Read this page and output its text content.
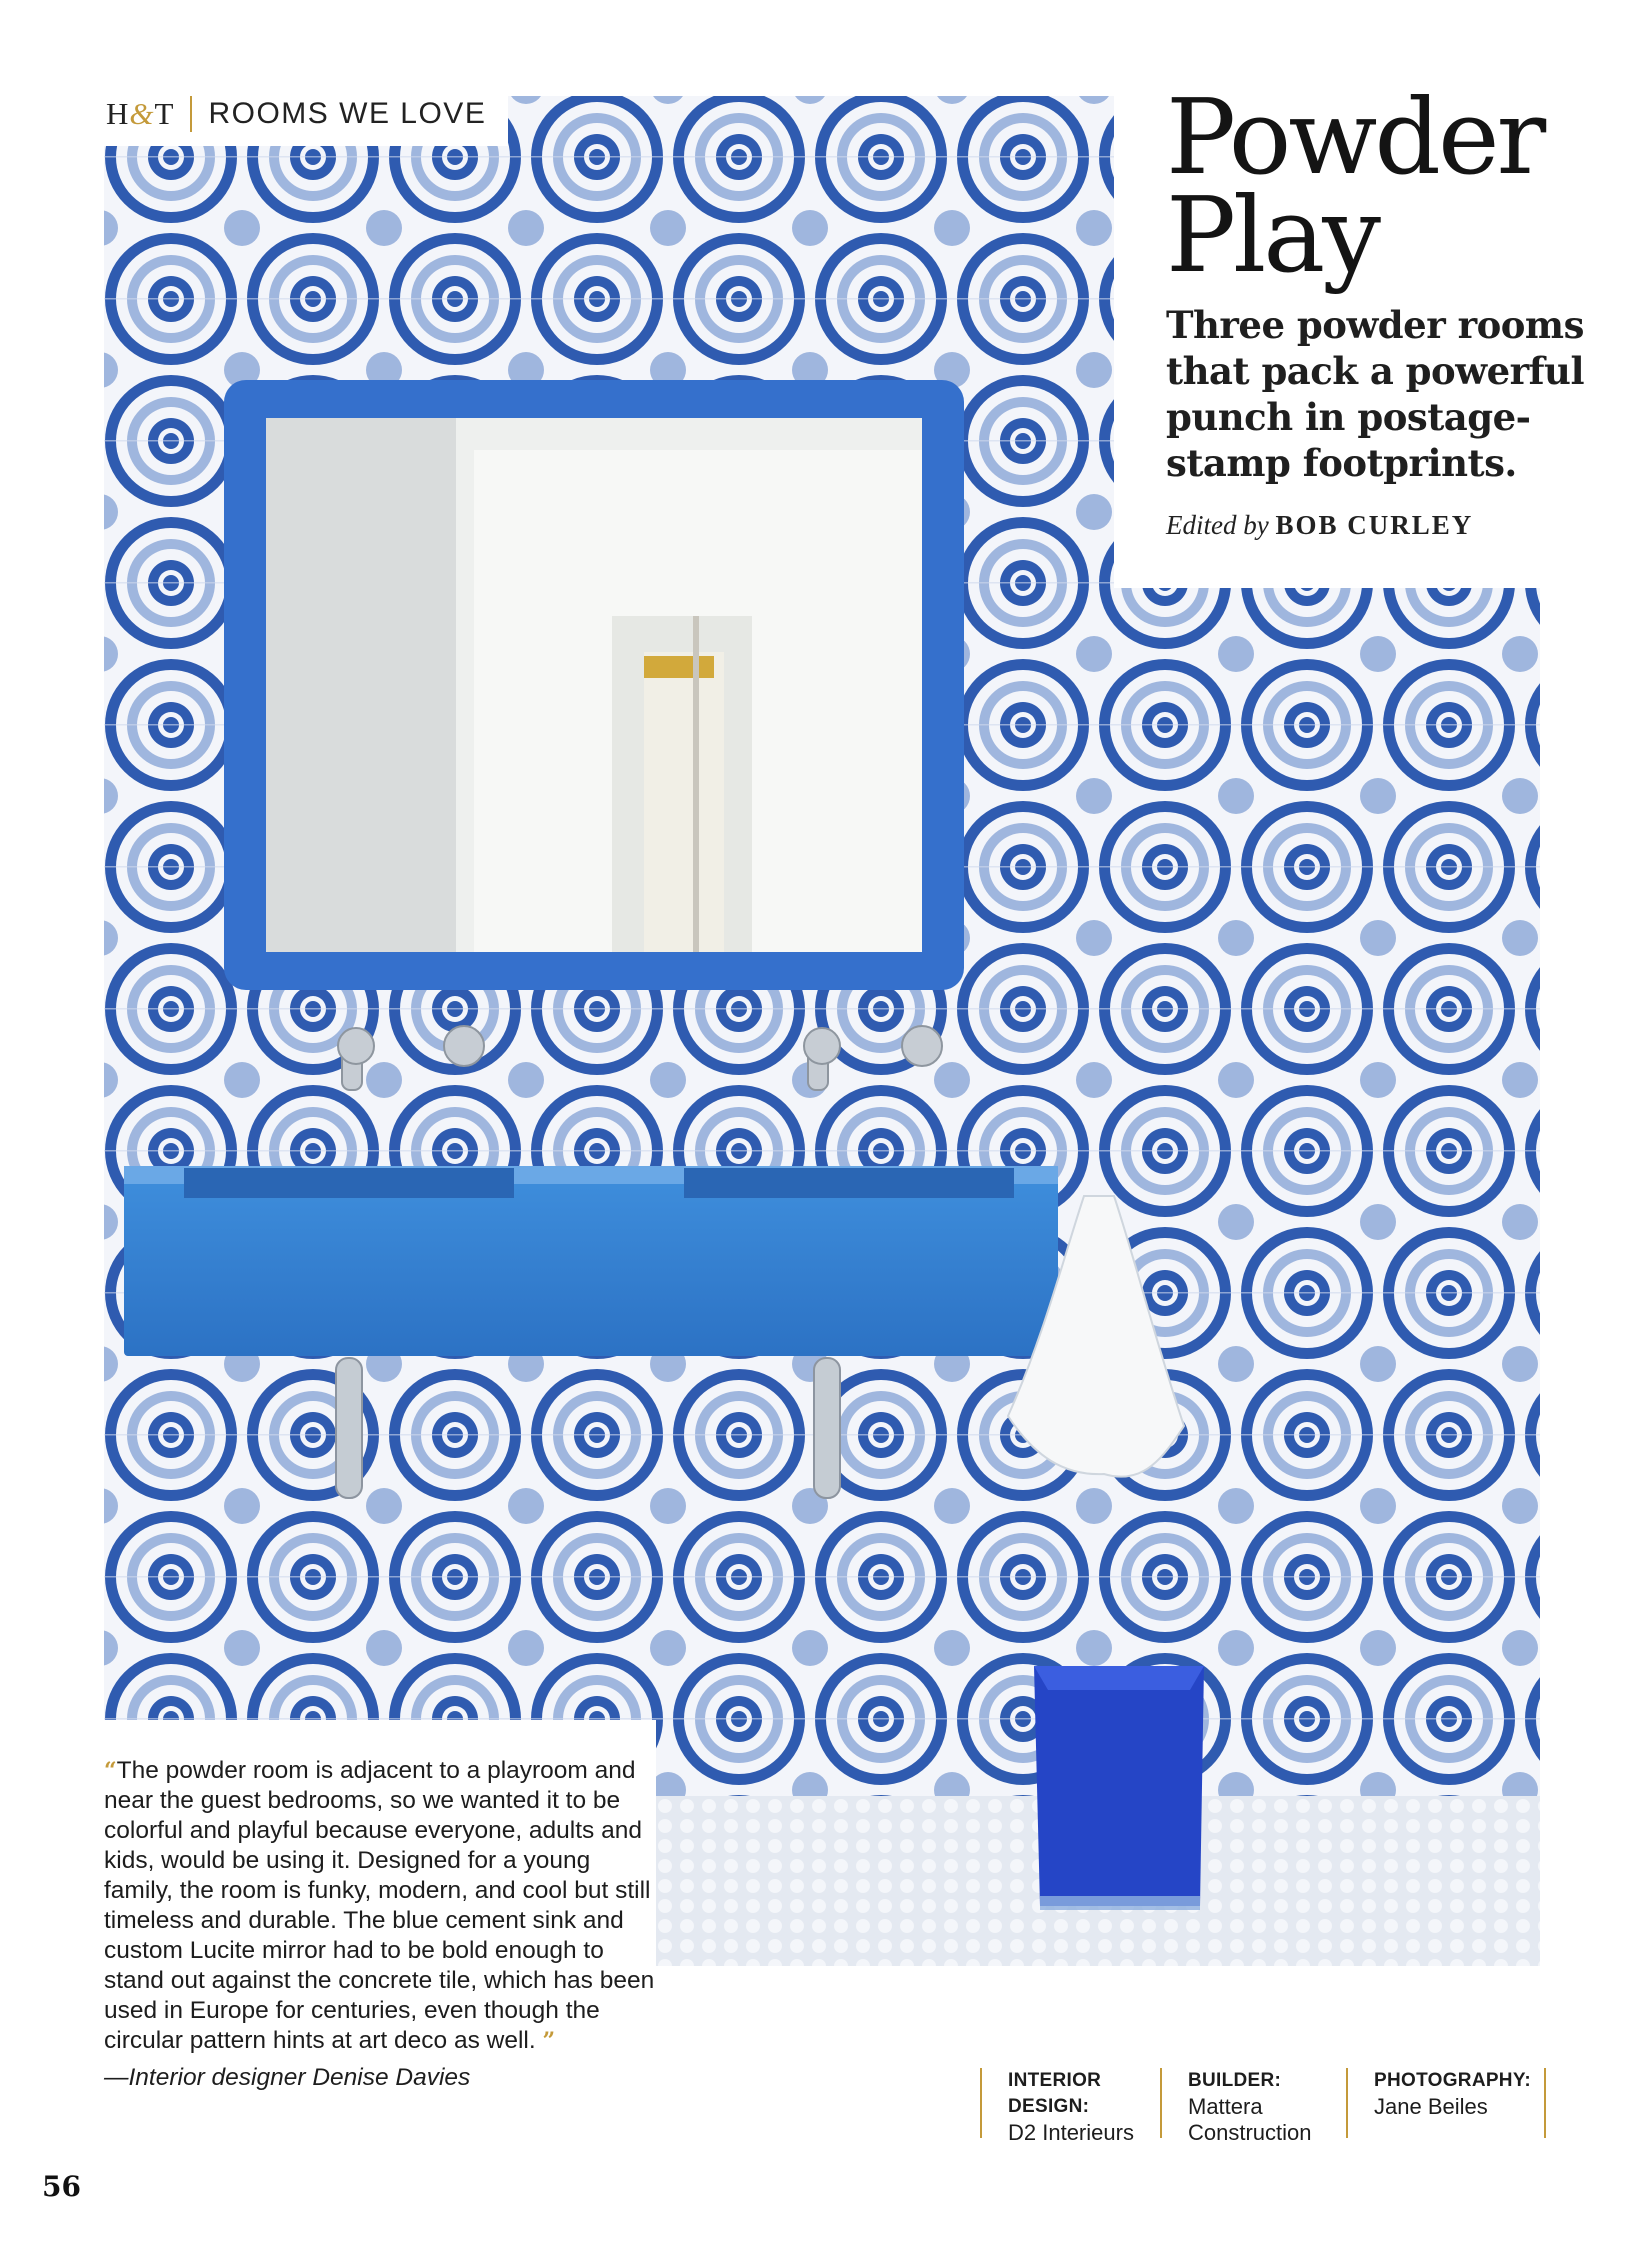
H&T ROOMS WE LOVE	Powder
Play
Three powder rooms that pack a powerful punch in postage-stamp footprints.
Edited by BOB CURLEY
“The powder room is adjacent to a playroom and near the guest bedrooms, so we wanted it to be colorful and playful because everyone, adults and kids, would be using it. Designed for a young family, the room is funky, modern, and cool but still timeless and durable. The blue cement sink and custom Lucite mirror had to be bold enough to stand out against the concrete tile, which has been used in Europe for centuries, even though the circular pattern hints at art deco as well. ”
—Interior designer Denise Davies	INTERIOR DESIGN:
D2 Interieurs
BUILDER:
Mattera Construction
PHOTOGRAPHY:
Jane Beiles
56
